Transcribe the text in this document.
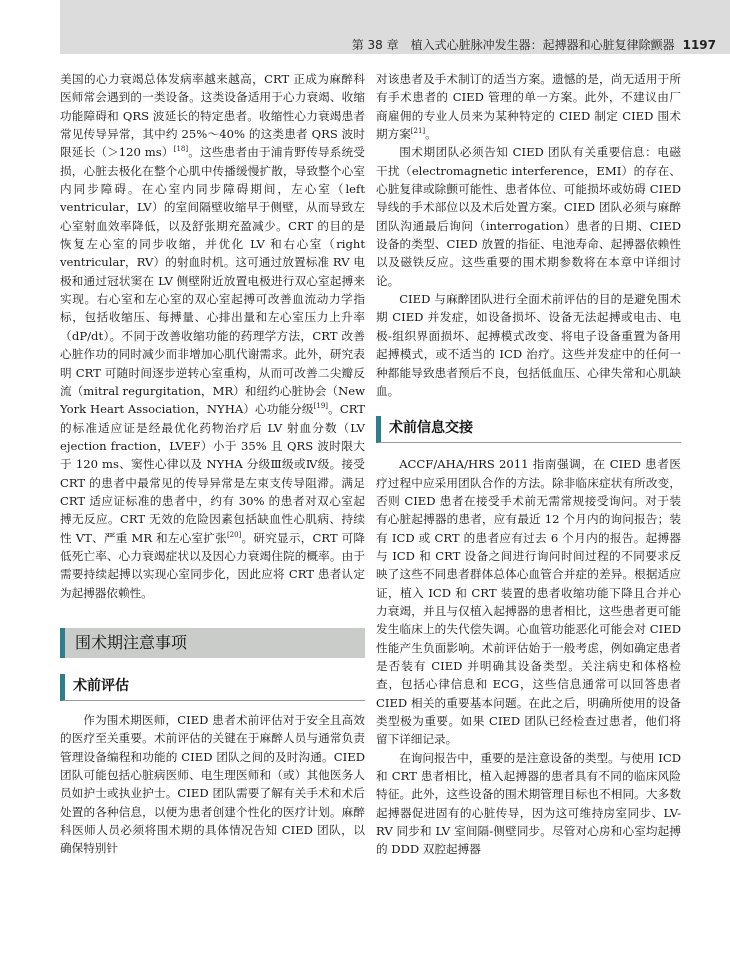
第 38 章　植入式心脏脉冲发生器：起搏器和心脏复律除颤器 1197

美国的心力衰竭总体发病率越来越高，CRT 正成为麻醉科医师常会遇到的一类设备。这类设备适用于心力衰竭、收缩功能障碍和 QRS 波延长的特定患者。收缩性心力衰竭患者常见传导异常，其中约 25%～40% 的这类患者 QRS 波时限延长（＞120 ms）[18]。这些患者由于浦肯野传导系统受损，心脏去极化在整个心肌中传播缓慢扩散，导致整个心室内同步障碍。在心室内同步障碍期间，左心室（left ventricular，LV）的室间隔壁收缩早于侧壁，从而导致左心室射血效率降低，以及舒张期充盈减少。CRT 的目的是恢复左心室的同步收缩，并优化 LV 和右心室（right ventricular，RV）的射血时机。这可通过放置标准 RV 电极和通过冠状窦在 LV 侧壁附近放置电极进行双心室起搏来实现。右心室和左心室的双心室起搏可改善血流动力学指标，包括收缩压、每搏量、心排出量和左心室压力上升率（dP/dt）。不同于改善收缩功能的药理学方法，CRT 改善心脏作功的同时减少而非增加心肌代谢需求。此外，研究表明 CRT 可随时间逐步逆转心室重构，从而可改善二尖瓣反流（mitral regurgitation，MR）和纽约心脏协会（New York Heart Association，NYHA）心功能分级[19]。CRT 的标准适应证是经最优化药物治疗后 LV 射血分数（LV ejection fraction，LVEF）小于 35% 且 QRS 波时限大于 120 ms、窦性心律以及 NYHA 分级Ⅲ级或Ⅳ级。接受 CRT 的患者中最常见的传导异常是左束支传导阻滞。满足 CRT 适应证标准的患者中，约有 30% 的患者对双心室起搏无反应。CRT 无效的危险因素包括缺血性心肌病、持续性 VT、严重 MR 和左心室扩张[20]。研究显示，CRT 可降低死亡率、心力衰竭症状以及因心力衰竭住院的概率。由于需要持续起搏以实现心室同步化，因此应将 CRT 患者认定为起搏器依赖性。

围术期注意事项
术前评估

作为围术期医师，CIED 患者术前评估对于安全且高效的医疗至关重要。术前评估的关键在于麻醉人员与通常负责管理设备编程和功能的 CIED 团队之间的及时沟通。CIED 团队可能包括心脏病医师、电生理医师和（或）其他医务人员如护士或执业护士。CIED 团队需要了解有关手术和术后处置的各种信息，以便为患者创建个性化的医疗计划。麻醉科医师人员必须将围术期的具体情况告知 CIED 团队，以确保特别针

对该患者及手术制订的适当方案。遗憾的是，尚无适用于所有手术患者的 CIED 管理的单一方案。此外，不建议由厂商雇佣的专业人员来为某种特定的 CIED 制定 CIED 围术期方案[21]。

围术期团队必须告知 CIED 团队有关重要信息：电磁干扰（electromagnetic interference，EMI）的存在、心脏复律或除颤可能性、患者体位、可能损坏或妨碍 CIED 导线的手术部位以及术后处置方案。CIED 团队必须与麻醉团队沟通最后询问（interrogation）患者的日期、CIED 设备的类型、CIED 放置的指征、电池寿命、起搏器依赖性以及磁铁反应。这些重要的围术期参数将在本章中详细讨论。

CIED 与麻醉团队进行全面术前评估的目的是避免围术期 CIED 并发症，如设备损坏、设备无法起搏或电击、电极-组织界面损坏、起搏模式改变、将电子设备重置为备用起搏模式，或不适当的 ICD 治疗。这些并发症中的任何一种都能导致患者预后不良，包括低血压、心律失常和心肌缺血。

术前信息交接

ACCF/AHA/HRS 2011 指南强调，在 CIED 患者医疗过程中应采用团队合作的方法。除非临床症状有所改变，否则 CIED 患者在接受手术前无需常规接受询问。对于装有心脏起搏器的患者，应有最近 12 个月内的询问报告；装有 ICD 或 CRT 的患者应有过去 6 个月内的报告。起搏器与 ICD 和 CRT 设备之间进行询问时间过程的不同要求反映了这些不同患者群体总体心血管合并症的差异。根据适应证，植入 ICD 和 CRT 装置的患者收缩功能下降且合并心力衰竭，并且与仅植入起搏器的患者相比，这些患者更可能发生临床上的失代偿失调。心血管功能恶化可能会对 CIED 性能产生负面影响。术前评估始于一般考虑，例如确定患者是否装有 CIED 并明确其设备类型。关注病史和体格检查，包括心律信息和 ECG，这些信息通常可以回答患者 CIED 相关的重要基本问题。在此之后，明确所使用的设备类型极为重要。如果 CIED 团队已经检查过患者，他们将留下详细记录。

在询问报告中，重要的是注意设备的类型。与使用 ICD 和 CRT 患者相比，植入起搏器的患者具有不同的临床风险特征。此外，这些设备的围术期管理目标也不相同。大多数起搏器促进固有的心脏传导，因为这可维持房室同步、LV-RV 同步和 LV 室间隔-侧壁同步。尽管对心房和心室均起搏的 DDD 双腔起搏器
